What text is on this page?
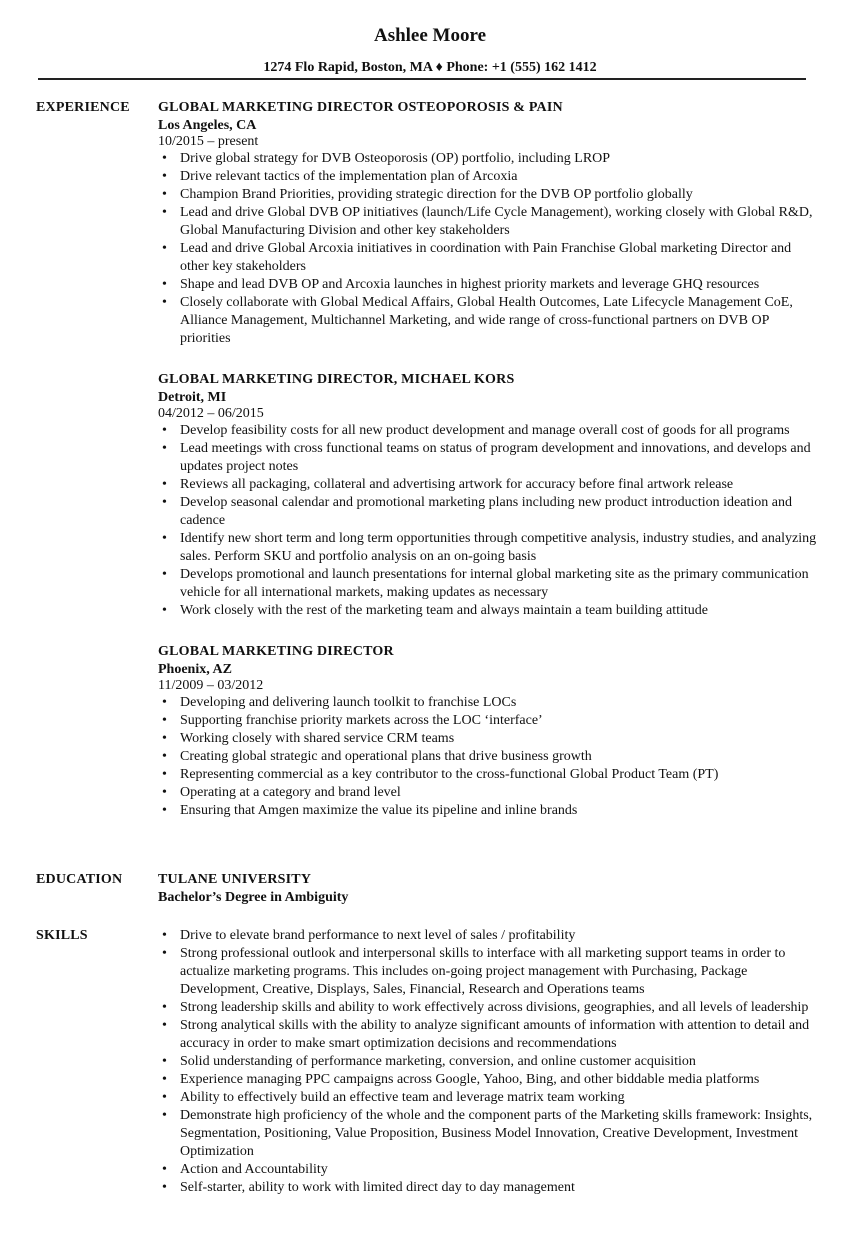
Ashlee Moore
1274 Flo Rapid, Boston, MA ♦ Phone: +1 (555) 162 1412
EXPERIENCE GLOBAL MARKETING DIRECTOR OSTEOPOROSIS & PAIN
Los Angeles, CA
10/2015 – present
• Drive global strategy for DVB Osteoporosis (OP) portfolio, including LROP
• Drive relevant tactics of the implementation plan of Arcoxia
• Champion Brand Priorities, providing strategic direction for the DVB OP portfolio globally
• Lead and drive Global DVB OP initiatives (launch/Life Cycle Management), working closely with Global R&D, Global Manufacturing Division and other key stakeholders
• Lead and drive Global Arcoxia initiatives in coordination with Pain Franchise Global marketing Director and other key stakeholders
• Shape and lead DVB OP and Arcoxia launches in highest priority markets and leverage GHQ resources
• Closely collaborate with Global Medical Affairs, Global Health Outcomes, Late Lifecycle Management CoE, Alliance Management, Multichannel Marketing, and wide range of cross-functional partners on DVB OP priorities
GLOBAL MARKETING DIRECTOR, MICHAEL KORS
Detroit, MI
04/2012 – 06/2015
• Develop feasibility costs for all new product development and manage overall cost of goods for all programs
• Lead meetings with cross functional teams on status of program development and innovations, and develops and updates project notes
• Reviews all packaging, collateral and advertising artwork for accuracy before final artwork release
• Develop seasonal calendar and promotional marketing plans including new product introduction ideation and cadence
• Identify new short term and long term opportunities through competitive analysis, industry studies, and analyzing sales. Perform SKU and portfolio analysis on an on-going basis
• Develops promotional and launch presentations for internal global marketing site as the primary communication vehicle for all international markets, making updates as necessary
• Work closely with the rest of the marketing team and always maintain a team building attitude
GLOBAL MARKETING DIRECTOR
Phoenix, AZ
11/2009 – 03/2012
• Developing and delivering launch toolkit to franchise LOCs
• Supporting franchise priority markets across the LOC ‘interface’
• Working closely with shared service CRM teams
• Creating global strategic and operational plans that drive business growth
• Representing commercial as a key contributor to the cross-functional Global Product Team (PT)
• Operating at a category and brand level
• Ensuring that Amgen maximize the value its pipeline and inline brands
EDUCATION	TULANE UNIVERSITY
Bachelor’s Degree in Ambiguity
SKILLS
•	Drive to elevate brand performance to next level of sales / profitability
• Strong professional outlook and interpersonal skills to interface with all marketing support teams in order to actualize marketing programs. This includes on-going project management with Purchasing, Package Development, Creative, Displays, Sales, Financial, Research and Operations teams
• Strong leadership skills and ability to work effectively across divisions, geographies, and all levels of leadership
• Strong analytical skills with the ability to analyze significant amounts of information with attention to detail and accuracy in order to make smart optimization decisions and recommendations
• Solid understanding of performance marketing, conversion, and online customer acquisition
• Experience managing PPC campaigns across Google, Yahoo, Bing, and other biddable media platforms
• Ability to effectively build an effective team and leverage matrix team working
• Demonstrate high proficiency of the whole and the component parts of the Marketing skills framework: Insights, Segmentation, Positioning, Value Proposition, Business Model Innovation, Creative Development, Investment Optimization
• Action and Accountability
• Self-starter, ability to work with limited direct day to day management
